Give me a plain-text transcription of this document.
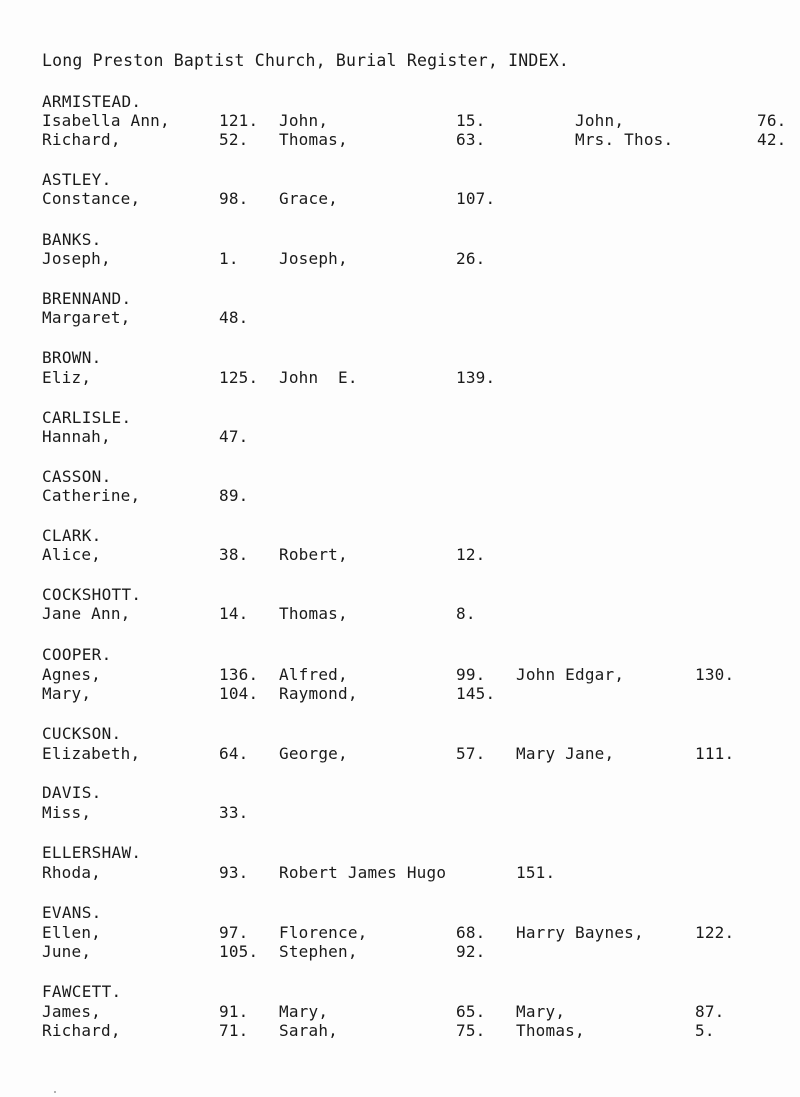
Long Preston Baptist Church, Burial Register, INDEX.
ARMISTEAD.
Isabella Ann,	121. John,	15.	John,	76.
Richard,	52. Thomas,	63.	Mrs. Thos.	42.
ASTLEY.
Constance,	98. Grace,	107.
BANKS.
Joseph,	1.	Joseph,	26.
BRENNAND.
Margaret,	48.
BROWN.
Eliz,	125. John  E.	139.
CARLISLE.
Hannah,	47.
CASSON.
Catherine,	89.
CLARK.
Alice,	38. Robert,	12.
COCKSHOTT.
Jane Ann,	14. Thomas,	8.
COOPER.
Agnes,	136. Alfred,	99. John Edgar,	130.
Mary,	104. Raymond,	145.
CUCKSON.
Elizabeth,	64. George,	57. Mary Jane,	111.
DAVIS.
Miss,	33.
ELLERSHAW.
Rhoda,	93. Robert James Hugo	151.
EVANS.
Ellen,	97. Florence,	68. Harry Baynes,	122.
June,	105. Stephen,	92.
FAWCETT.
James,	91. Mary,	65. Mary,	87.
Richard,	71. Sarah,	75. Thomas,	5.
